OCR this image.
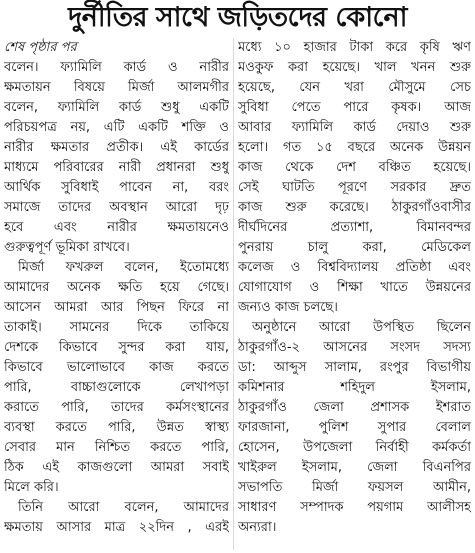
দুর্নীতির সাথে জড়িতদের কোনো
শেষ পৃষ্ঠার পর
বলেন। ফ্যামিলি কার্ড ও নারীর
ক্ষমতায়ন বিষয়ে মির্জা আলমগীর
বলেন, ফ্যামিলি কার্ড শুধু একটি
পরিচয়পত্র নয়, এটি একটি শক্তি ও
নারীর ক্ষমতার প্রতীক। এই কার্ডের
মাধ্যমে পরিবারের নারী প্রধানরা শুধু
আর্থিক সুবিধাই পাবেন না, বরং
সমাজে তাদের অবস্থান আরো দৃঢ়
হবে এবং নারীর ক্ষমতায়নেও
গুরুত্বপূর্ণ ভূমিকা রাখবে।
মির্জা ফখরুল বলেন, ইতোমধ্যে
আমাদের অনেক ক্ষতি হয়ে গেছে।
আসেন আমরা আর পিছন ফিরে না
তাকাই। সামনের দিকে তাকিয়ে
দেশকে কিভাবে সুন্দর করা যায়,
কিভাবে ভালোভাবে কাজ করতে
পারি, বাচ্চাগুলোকে লেখাপড়া
করাতে পারি, তাদের কর্মসংস্থানের
ব্যবস্থা করতে পারি, উন্নত স্বাস্থ্য
সেবার মান নিশ্চিত করতে পারি,
ঠিক এই কাজগুলো আমরা সবাই
মিলে করি।
তিনি আরো বলেন, আমাদের
ক্ষমতায় আসার মাত্র ২২দিন , এরই
মধ্যে ১০ হাজার টাকা করে কৃষি ঋণ
মওকুফ করা হয়েছে। খাল খনন শুরু
হয়েছে, যেন খরা মৌসুমে সেচ
সুবিধা পেতে পারে কৃষক। আজ
আবার ফ্যামিলি কার্ড দেয়াও শুরু
হলো। গত ১৫ বছরে অনেক উন্নয়ন
কাজ থেকে দেশ বঞ্চিত হয়েছে।
সেই ঘাটতি পূরণে সরকার দ্রুত
কাজ শুরু করেছে। ঠাকুরগাঁওবাসীর
দীর্ঘদিনের প্রত্যাশা, বিমানবন্দর
পুনরায় চালু করা, মেডিকেল
কলেজ ও বিশ্ববিদ্যালয় প্রতিষ্ঠা এবং
যোগাযোগ ও শিক্ষা খাতে উন্নয়নের
জন্যও কাজ চলছে।
অনুষ্ঠানে আরো উপস্থিত ছিলেন
ঠাকুরগাঁও-২ আসনের সংসদ সদস্য
ডা: আব্দুস সালাম, রংপুর বিভাগীয়
কমিশনার শহিদুল ইসলাম,
ঠাকুরগাঁও জেলা প্রশাসক ইশরাত
ফারজানা, পুলিশ সুপার বেলাল
হোসেন, উপজেলা নির্বাহী কর্মকর্তা
খাইরুল ইসলাম, জেলা বিএনপির
সভাপতি মির্জা ফয়সল আমীন,
সাধারণ সম্পাদক পয়গাম আলীসহ
অন্যরা।
